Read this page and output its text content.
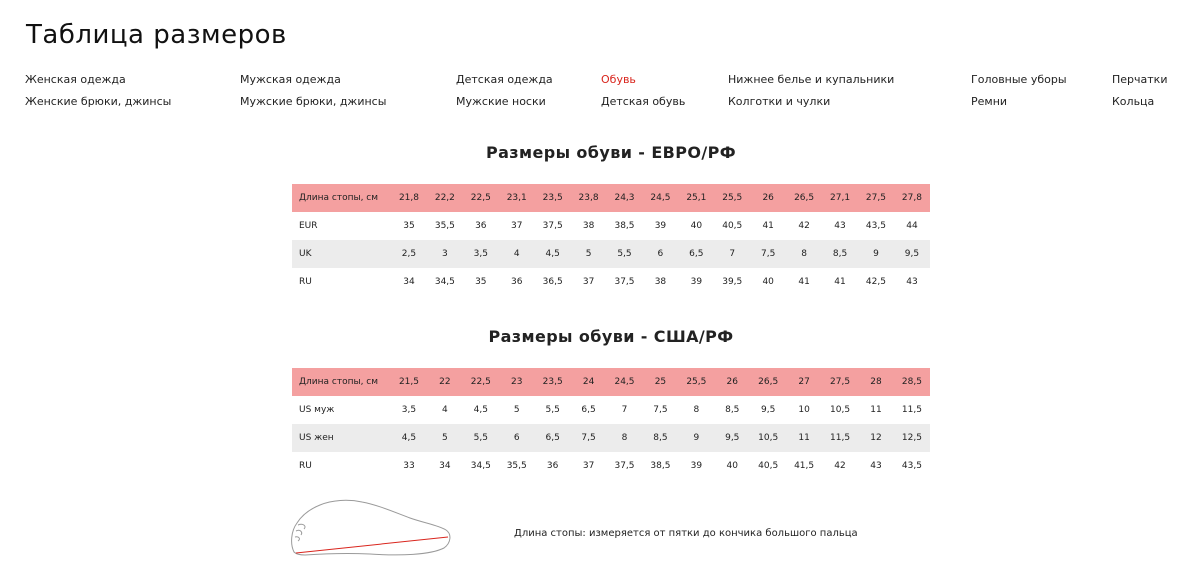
Таблица размеров
Женская одежда
Женские брюки, джинсы
Мужская одежда
Мужские брюки, джинсы
Детская одежда
Мужские носки
Обувь
Детская обувь
Нижнее белье и купальники
Колготки и чулки
Головные уборы
Ремни
Перчатки
Кольца
Размеры обуви - ЕВРО/РФ
Длина стопы, см	21,8	22,2	22,5	23,1	23,5	23,8	24,3	24,5	25,1	25,5	26	26,5	27,1	27,5	27,8
EUR	35	35,5	36	37	37,5	38	38,5	39	40	40,5	41	42	43	43,5	44
UK	2,5	3	3,5	4	4,5	5	5,5	6	6,5	7	7,5	8	8,5	9	9,5
RU	34	34,5	35	36	36,5	37	37,5	38	39	39,5	40	41	41	42,5	43
Размеры обуви - США/РФ
Длина стопы, см	21,5	22	22,5	23	23,5	24	24,5	25	25,5	26	26,5	27	27,5	28	28,5
US муж	3,5	4	4,5	5	5,5	6,5	7	7,5	8	8,5	9,5	10	10,5	11	11,5
US жен	4,5	5	5,5	6	6,5	7,5	8	8,5	9	9,5	10,5	11	11,5	12	12,5
RU	33	34	34,5	35,5	36	37	37,5	38,5	39	40	40,5	41,5	42	43	43,5
Длина стопы: измеряется от пятки до кончика большого пальца
